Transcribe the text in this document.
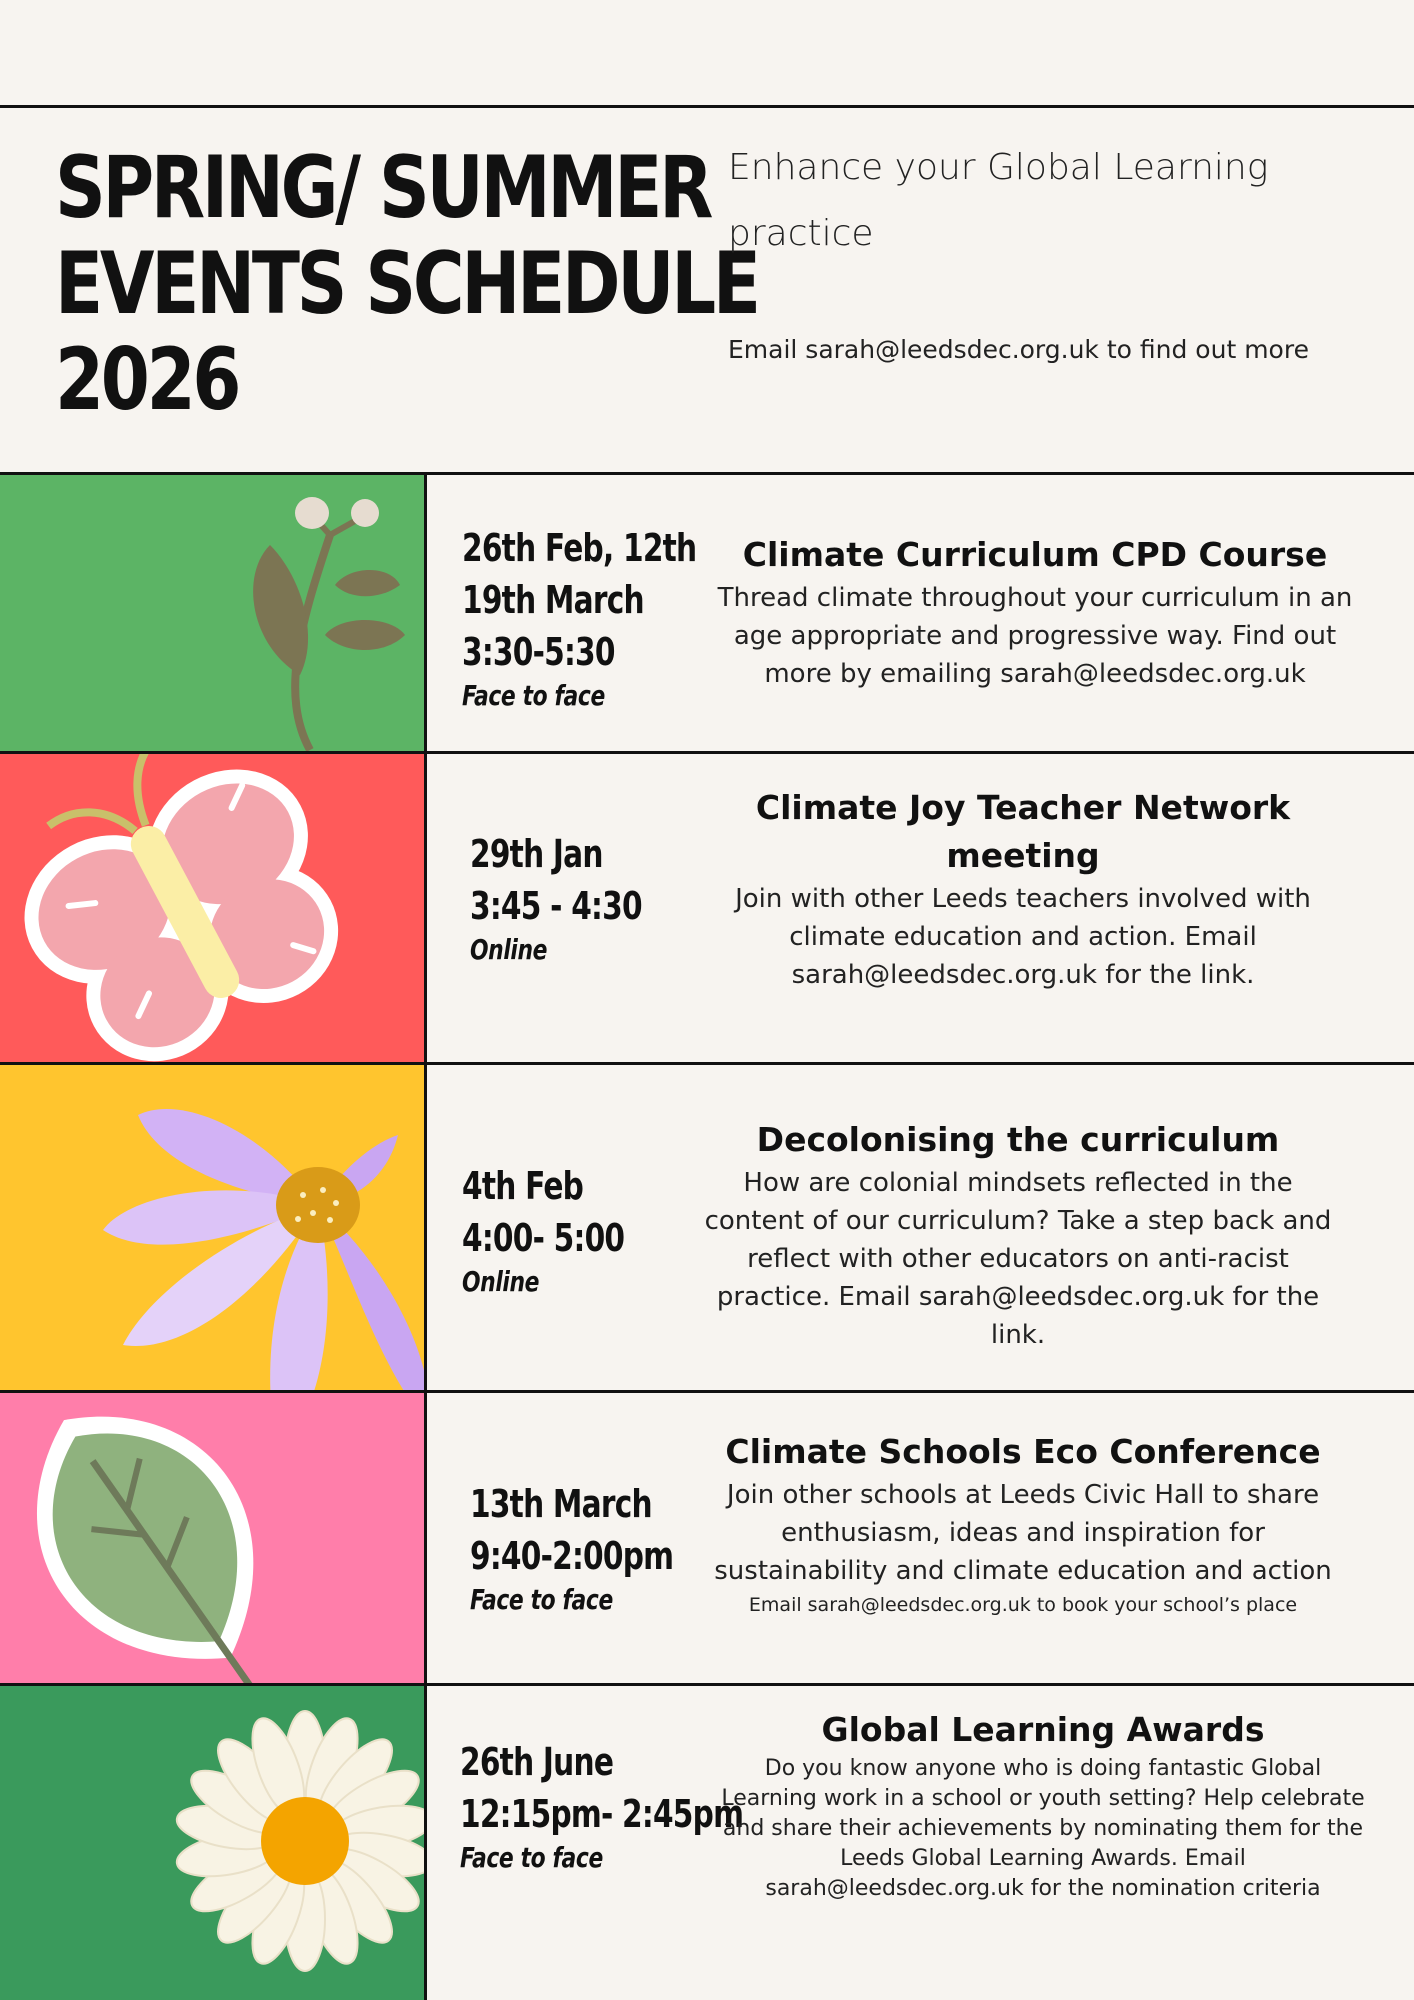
SPRING/ SUMMER
EVENTS SCHEDULE
2026
Enhance your Global Learning practice
Email sarah@leedsdec.org.uk to find out more
26th Feb, 12th
19th March
3:30-5:30
Face to face
Climate Curriculum CPD Course
Thread climate throughout your curriculum in an age appropriate and progressive way. Find out more by emailing sarah@leedsdec.org.uk
29th Jan
3:45 - 4:30
Online
Climate Joy Teacher Network meeting
Join with other Leeds teachers involved with climate education and action. Email sarah@leedsdec.org.uk for the link.
4th Feb
4:00- 5:00
Online
Decolonising the curriculum
How are colonial mindsets reflected in the content of our curriculum? Take a step back and reflect with other educators on anti-racist practice. Email sarah@leedsdec.org.uk for the link.
13th March
9:40-2:00pm
Face to face
Climate Schools Eco Conference
Join other schools at Leeds Civic Hall to share enthusiasm, ideas and inspiration for sustainability and climate education and action
Email sarah@leedsdec.org.uk to book your school’s place
26th June
12:15pm- 2:45pm
Face to face
Global Learning Awards
Do you know anyone who is doing fantastic Global Learning work in a school or youth setting? Help celebrate and share their achievements by nominating them for the Leeds Global Learning Awards. Email sarah@leedsdec.org.uk for the nomination criteria
